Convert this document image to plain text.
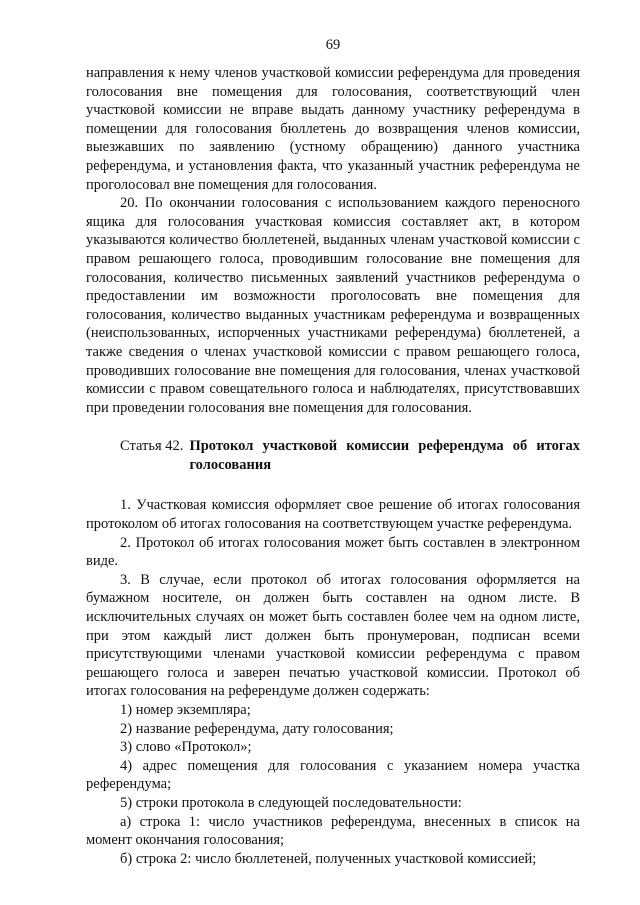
69

направления к нему членов участковой комиссии референдума для проведения голосования вне помещения для голосования, соответствующий член участковой комиссии не вправе выдать данному участнику референдума в помещении для голосования бюллетень до возвращения членов комиссии, выезжавших по заявлению (устному обращению) данного участника референдума, и установления факта, что указанный участник референдума не проголосовал вне помещения для голосования.

20. По окончании голосования с использованием каждого переносного ящика для голосования участковая комиссия составляет акт, в котором указываются количество бюллетеней, выданных членам участковой комиссии с правом решающего голоса, проводившим голосование вне помещения для голосования, количество письменных заявлений участников референдума о предоставлении им возможности проголосовать вне помещения для голосования, количество выданных участникам референдума и возвращенных (неиспользованных, испорченных участниками референдума) бюллетеней, а также сведения о членах участковой комиссии с правом решающего голоса, проводивших голосование вне помещения для голосования, членах участковой комиссии с правом совещательного голоса и наблюдателях, присутствовавших при проведении голосования вне помещения для голосования.

Статья 42. Протокол участковой комиссии референдума об итогах голосования

1. Участковая комиссия оформляет свое решение об итогах голосования протоколом об итогах голосования на соответствующем участке референдума.

2. Протокол об итогах голосования может быть составлен в электронном виде.

3. В случае, если протокол об итогах голосования оформляется на бумажном носителе, он должен быть составлен на одном листе. В исключительных случаях он может быть составлен более чем на одном листе, при этом каждый лист должен быть пронумерован, подписан всеми присутствующими членами участковой комиссии референдума с правом решающего голоса и заверен печатью участковой комиссии. Протокол об итогах голосования на референдуме должен содержать:

1) номер экземпляра;
2) название референдума, дату голосования;
3) слово «Протокол»;
4) адрес помещения для голосования с указанием номера участка референдума;
5) строки протокола в следующей последовательности:
а) строка 1: число участников референдума, внесенных в список на момент окончания голосования;
б) строка 2: число бюллетеней, полученных участковой комиссией;
